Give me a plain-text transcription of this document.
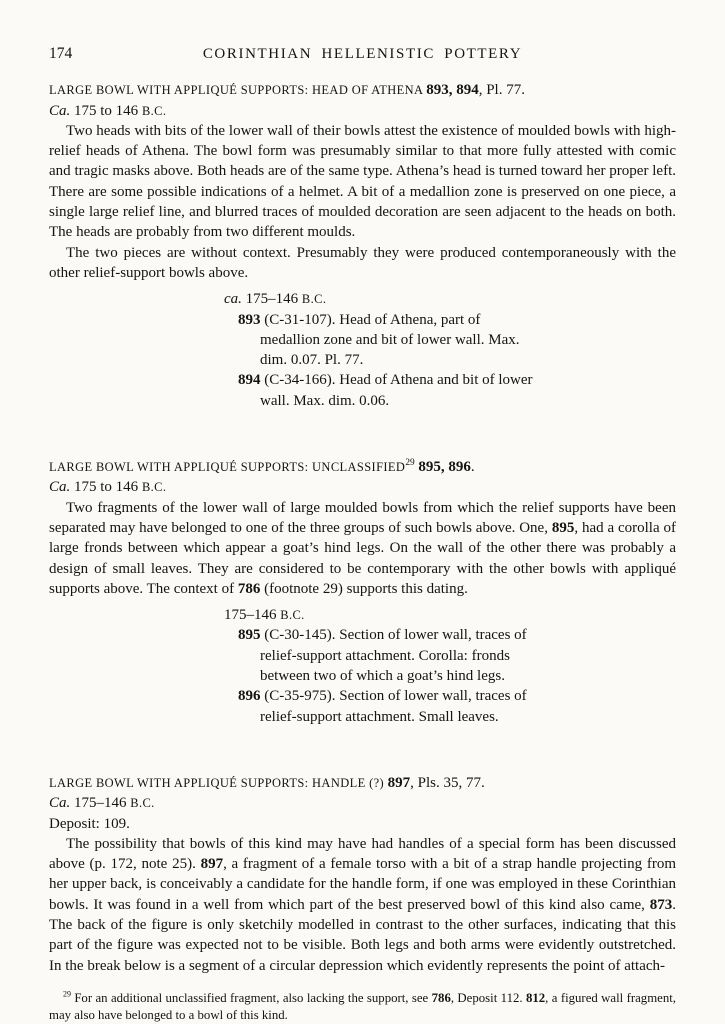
174	CORINTHIAN HELLENISTIC POTTERY
LARGE BOWL WITH APPLIQUÉ SUPPORTS: HEAD OF ATHENA 893, 894, Pl. 77.

Ca. 175 to 146 B.C.

Two heads with bits of the lower wall of their bowls attest the existence of moulded bowls with high-relief heads of Athena. The bowl form was presumably similar to that more fully attested with comic and tragic masks above. Both heads are of the same type. Athena’s head is turned toward her proper left. There are some possible indications of a helmet. A bit of a medallion zone is preserved on one piece, a single large relief line, and blurred traces of moulded decoration are seen adjacent to the heads on both. The heads are probably from two different moulds.

The two pieces are without context. Presumably they were produced contemporaneously with the other relief-support bowls above.

ca. 175–146 B.C.

893 (C-31-107). Head of Athena, part of medallion zone and bit of lower wall. Max. dim. 0.07. Pl. 77.

894 (C-34-166). Head of Athena and bit of lower wall. Max. dim. 0.06.

LARGE BOWL WITH APPLIQUÉ SUPPORTS: UNCLASSIFIED$^{29}$ 895, 896.

Ca. 175 to 146 B.C.

Two fragments of the lower wall of large moulded bowls from which the relief supports have been separated may have belonged to one of the three groups of such bowls above. One, 895, had a corolla of large fronds between which appear a goat’s hind legs. On the wall of the other there was probably a design of small leaves. They are considered to be contemporary with the other bowls with appliqué supports above. The context of 786 (footnote 29) supports this dating.

175–146 B.C.

895 (C-30-145). Section of lower wall, traces of relief-support attachment. Corolla: fronds between two of which a goat’s hind legs.

896 (C-35-975). Section of lower wall, traces of relief-support attachment. Small leaves.

LARGE BOWL WITH APPLIQUÉ SUPPORTS: HANDLE (?) 897, Pls. 35, 77.

Ca. 175–146 B.C.

Deposit: 109.

The possibility that bowls of this kind may have had handles of a special form has been discussed above (p. 172, note 25). 897, a fragment of a female torso with a bit of a strap handle projecting from her upper back, is conceivably a candidate for the handle form, if one was employed in these Corinthian bowls. It was found in a well from which part of the best preserved bowl of this kind also came, 873. The back of the figure is only sketchily modelled in contrast to the other surfaces, indicating that this part of the figure was expected not to be visible. Both legs and both arms were evidently outstretched. In the break below is a segment of a circular depression which evidently represents the point of attach-

$^{29}$ For an additional unclassified fragment, also lacking the support, see 786, Deposit 112. 812, a figured wall fragment, may also have belonged to a bowl of this kind.
